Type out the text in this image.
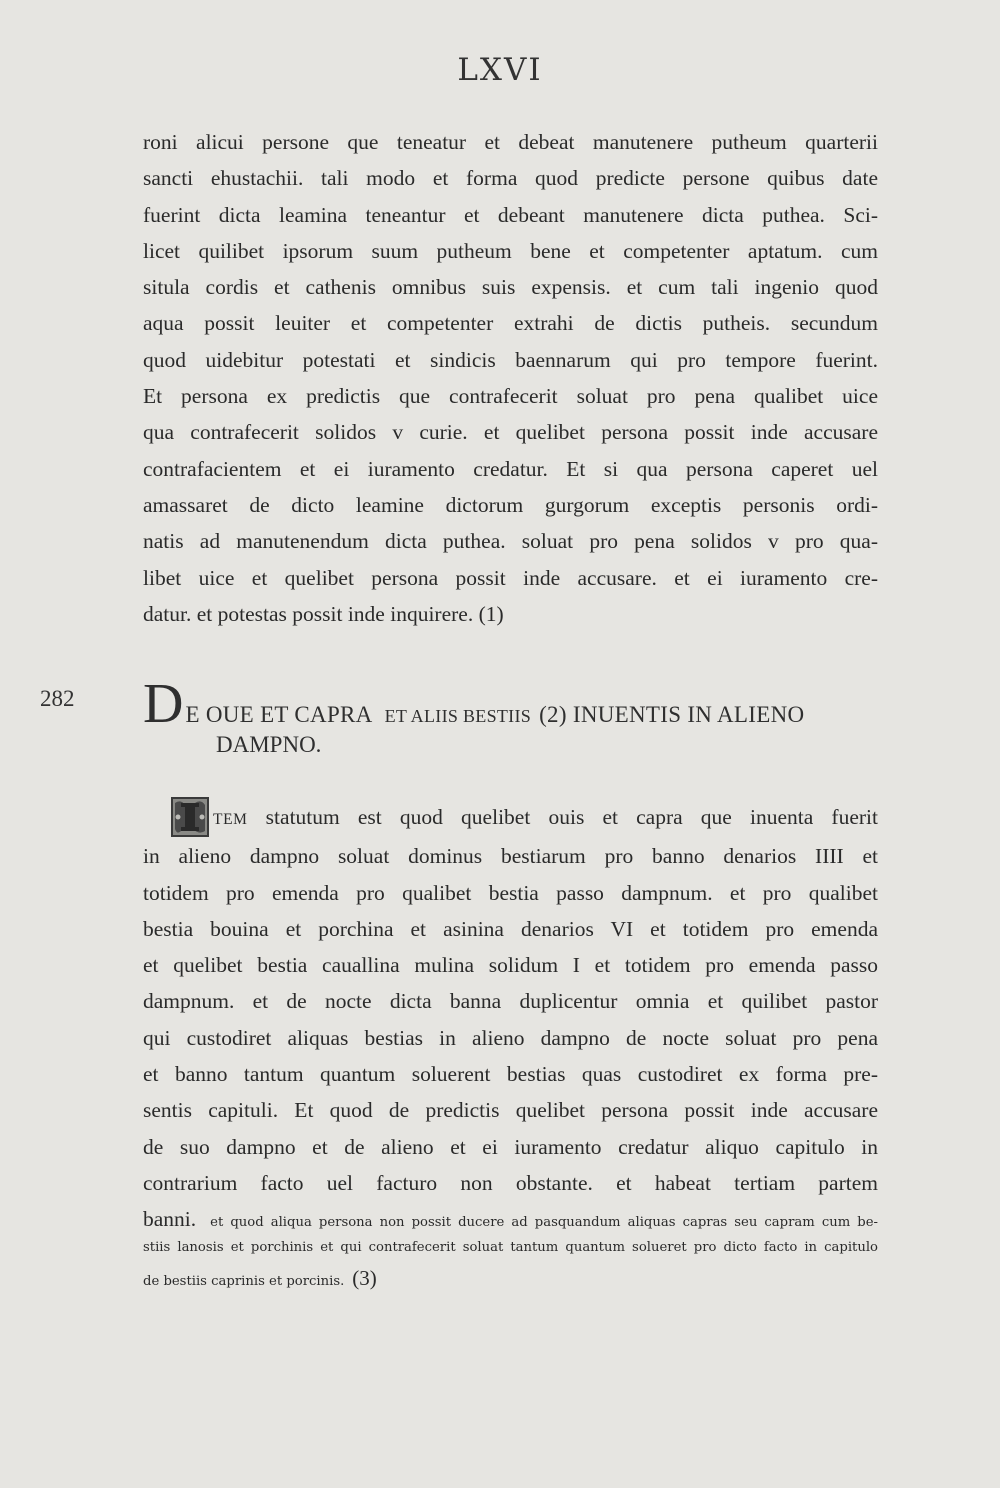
LXVI
roni alicui persone que teneatur et debeat manutenere putheum quarterii
sancti ehustachii. tali modo et forma quod predicte persone quibus date
fuerint dicta leamina teneantur et debeant manutenere dicta puthea. Sci-
licet quilibet ipsorum suum putheum bene et competenter aptatum. cum
situla cordis et cathenis omnibus suis expensis. et cum tali ingenio quod
aqua possit leuiter et competenter extrahi de dictis putheis. secundum
quod uidebitur potestati et sindicis baennarum qui pro tempore fuerint.
Et persona ex predictis que contrafecerit soluat pro pena qualibet uice
qua contrafecerit solidos v curie. et quelibet persona possit inde accusare
contrafacientem et ei iuramento credatur. Et si qua persona caperet uel
amassaret de dicto leamine dictorum gurgorum exceptis personis ordi-
natis ad manutenendum dicta puthea. soluat pro pena solidos v pro qua-
libet uice et quelibet persona possit inde accusare. et ei iuramento cre-
datur. et potestas possit inde inquirere. (1)
282 D E OUE ET CAPRA ET ALIIS BESTIIS (2) INUENTIS IN ALIENO
DAMPNO.
TEM statutum est quod quelibet ouis et capra que inuenta fuerit
in alieno dampno soluat dominus bestiarum pro banno denarios IIII et
totidem pro emenda pro qualibet bestia passo dampnum. et pro qualibet
bestia bouina et porchina et asinina denarios VI et totidem pro emenda
et quelibet bestia cauallina mulina solidum I et totidem pro emenda passo
dampnum. et de nocte dicta banna duplicentur omnia et quilibet pastor
qui custodiret aliquas bestias in alieno dampno de nocte soluat pro pena
et banno tantum quantum soluerent bestias quas custodiret ex forma pre-
sentis capituli. Et quod de predictis quelibet persona possit inde accusare
de suo dampno et de alieno et ei iuramento credatur aliquo capitulo in
contrarium facto uel facturo non obstante. et habeat tertiam partem
banni. et quod aliqua persona non possit ducere ad pasquandum aliquas capras seu capram cum be-
stiis lanosis et porchinis et qui contrafecerit soluat tantum quantum solueret pro dicto facto in capitulo
de bestiis caprinis et porcinis. (3)
